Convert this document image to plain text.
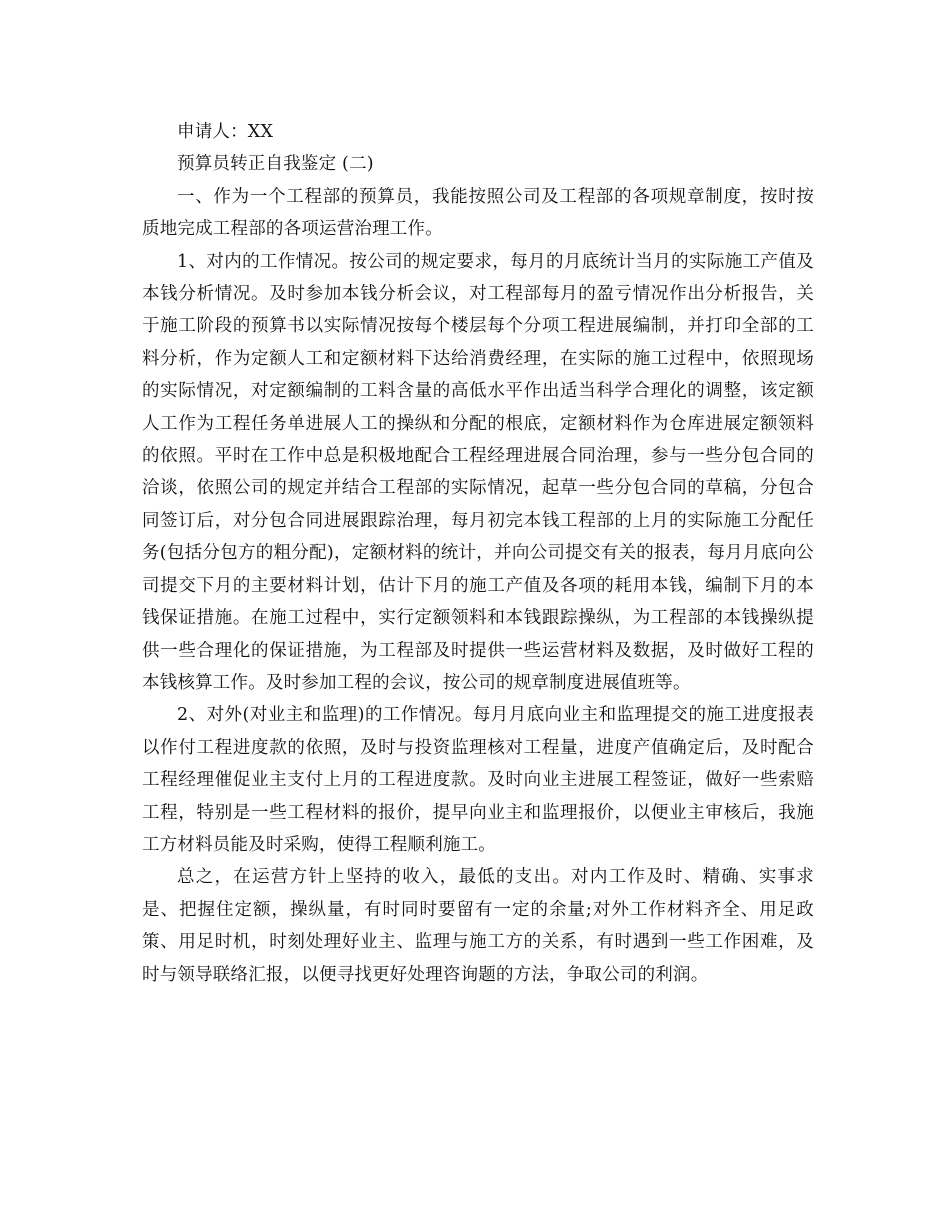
申请人：XX

预算员转正自我鉴定 (二)

一、作为一个工程部的预算员，我能按照公司及工程部的各项规章制度，按时按质地完成工程部的各项运营治理工作。

1、对内的工作情况。按公司的规定要求，每月的月底统计当月的实际施工产值及本钱分析情况。及时参加本钱分析会议，对工程部每月的盈亏情况作出分析报告，关于施工阶段的预算书以实际情况按每个楼层每个分项工程进展编制，并打印全部的工料分析，作为定额人工和定额材料下达给消费经理，在实际的施工过程中，依照现场的实际情况，对定额编制的工料含量的高低水平作出适当科学合理化的调整，该定额人工作为工程任务单进展人工的操纵和分配的根底，定额材料作为仓库进展定额领料的依照。平时在工作中总是积极地配合工程经理进展合同治理，参与一些分包合同的洽谈，依照公司的规定并结合工程部的实际情况，起草一些分包合同的草稿，分包合同签订后，对分包合同进展跟踪治理，每月初完本钱工程部的上月的实际施工分配任务(包括分包方的粗分配)，定额材料的统计，并向公司提交有关的报表，每月月底向公司提交下月的主要材料计划，估计下月的施工产值及各项的耗用本钱，编制下月的本钱保证措施。在施工过程中，实行定额领料和本钱跟踪操纵，为工程部的本钱操纵提供一些合理化的保证措施，为工程部及时提供一些运营材料及数据，及时做好工程的本钱核算工作。及时参加工程的会议，按公司的规章制度进展值班等。

2、对外(对业主和监理)的工作情况。每月月底向业主和监理提交的施工进度报表以作付工程进度款的依照，及时与投资监理核对工程量，进度产值确定后，及时配合工程经理催促业主支付上月的工程进度款。及时向业主进展工程签证，做好一些索赔工程，特别是一些工程材料的报价，提早向业主和监理报价，以便业主审核后，我施工方材料员能及时采购，使得工程顺利施工。

总之，在运营方针上坚持的收入，最低的支出。对内工作及时、精确、实事求是、把握住定额，操纵量，有时同时要留有一定的余量;对外工作材料齐全、用足政策、用足时机，时刻处理好业主、监理与施工方的关系，有时遇到一些工作困难，及时与领导联络汇报，以便寻找更好处理咨询题的方法，争取公司的利润。
